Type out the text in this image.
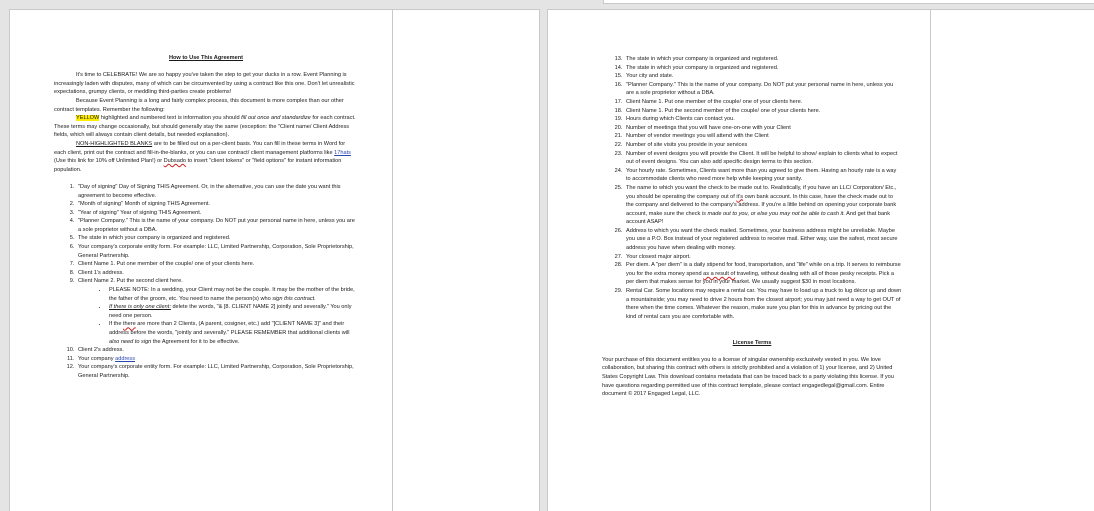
How to Use This Agreement
It's time to CELEBRATE! We are so happy you've taken the step to get your ducks in a row. Event Planning is increasingly laden with disputes, many of which can be circumvented by using a contract like this one. Don't let unrealistic expectations, grumpy clients, or meddling third-parties create problems!
Because Event Planning is a long and fairly complex process, this document is more complex than our other contract templates. Remember the following:
YELLOW highlighted and numbered text is information you should fill out once and standardize for each contract. These terms may change occasionally, but should generally stay the same (exception: the "Client name/ Client Address fields, which will always contain client details, but needed explanation).
NON-HIGHLIGHTED BLANKS are to be filled out on a per-client basis. You can fill in these terms in Word for each client, print out the contract and fill-in-the-blanks, or you can use contract/ client management platforms like 17hats (Use this link for 10% off Unlimited Plan!) or Dubsado to insert "client tokens" or "field options" for instant information population.
1. "Day of signing" Day of Signing THIS Agreement. Or, in the alternative, you can use the date you want this agreement to become effective.
2. "Month of signing" Month of signing THIS Agreement.
3. "Year of signing" Year of signing THIS Agreement.
4. "Planner Company." This is the name of your company. Do NOT put your personal name in here, unless you are a sole proprietor without a DBA.
5. The state in which your company is organized and registered.
6. Your company's corporate entity form. For example: LLC, Limited Partnership, Corporation, Sole Proprietorship, General Partnership.
7. Client Name 1. Put one member of the couple/ one of your clients here.
8. Client 1's address.
9. Client Name 2. Put the second client here.
• PLEASE NOTE: In a wedding, your Client may not be the couple. It may be the mother of the bride, the father of the groom, etc. You need to name the person(s) who sign this contract.
• If there is only one client: delete the words, "& [8. CLIENT NAME 2] jointly and severally." You only need one person.
• If the there are more than 2 Clients, (A parent, cosigner, etc.) add "[CLIENT NAME 3]" and their address before the words, "jointly and severally." PLEASE REMEMBER that additional clients will also need to sign the Agreement for it to be effective.
10. Client 2's address.
11. Your company address
12. Your company's corporate entity form. For example: LLC, Limited Partnership, Corporation, Sole Proprietorship, General Partnership.
13. The state in which your company is organized and registered.
14. The state in which your company is organized and registered.
15. Your city and state.
16. "Planner Company." This is the name of your company. Do NOT put your personal name in here, unless you are a sole proprietor without a DBA.
17. Client Name 1. Put one member of the couple/ one of your clients here.
18. Client Name 1. Put the second member of the couple/ one of your clients here.
19. Hours during which Clients can contact you.
20. Number of meetings that you will have one-on-one with your Client
21. Number of vendor meetings you will attend with the Client
22. Number of site visits you provide in your services
23. Number of event designs you will provide the Client. It will be helpful to show/ explain to clients what to expect out of event designs. You can also add specific design terms to this section.
24. Your hourly rate. Sometimes, Clients want more than you agreed to give them. Having an hourly rate is a way to accommodate clients who need more help while keeping your sanity.
25. The name to which you want the check to be made out to. Realistically, if you have an LLC/ Corporation/ Etc., you should be operating the company out of it's own bank account. In this case, have the check made out to the company and delivered to the company's address. If you're a little behind on opening your corporate bank account, make sure the check is made out to you, or else you may not be able to cash it. And get that bank account ASAP!
26. Address to which you want the check mailed. Sometimes, your business address might be unreliable. Maybe you use a P.O. Box instead of your registered address to receive mail. Either way, use the safest, most secure address you have when dealing with money.
27. Your closest major airport.
28. Per diem. A "per diem" is a daily stipend for food, transportation, and "life" while on a trip. It serves to reimburse you for the extra money spend as a result of traveling, without dealing with all of those pesky receipts. Pick a per diem that makes sense for you in your market. We usually suggest $30 in most locations.
29. Rental Car. Some locations may require a rental car. You may have to load up a truck to lug décor up and down a mountainside; you may need to drive 2 hours from the closest airport; you may just need a way to get OUT of there when the time comes. Whatever the reason, make sure you plan for this in advance by pricing out the kind of rental cars you are comfortable with.
License Terms
Your purchase of this document entitles you to a license of singular ownership exclusively vested in you. We love collaboration, but sharing this contract with others is strictly prohibited and a violation of 1) your license, and 2) United States Copyright Law. This download contains metadata that can be traced back to a party violating this license. If you have questions regarding permitted use of this contract template, please contact engagedlegal@gmail.com. Entire document © 2017 Engaged Legal, LLC.
